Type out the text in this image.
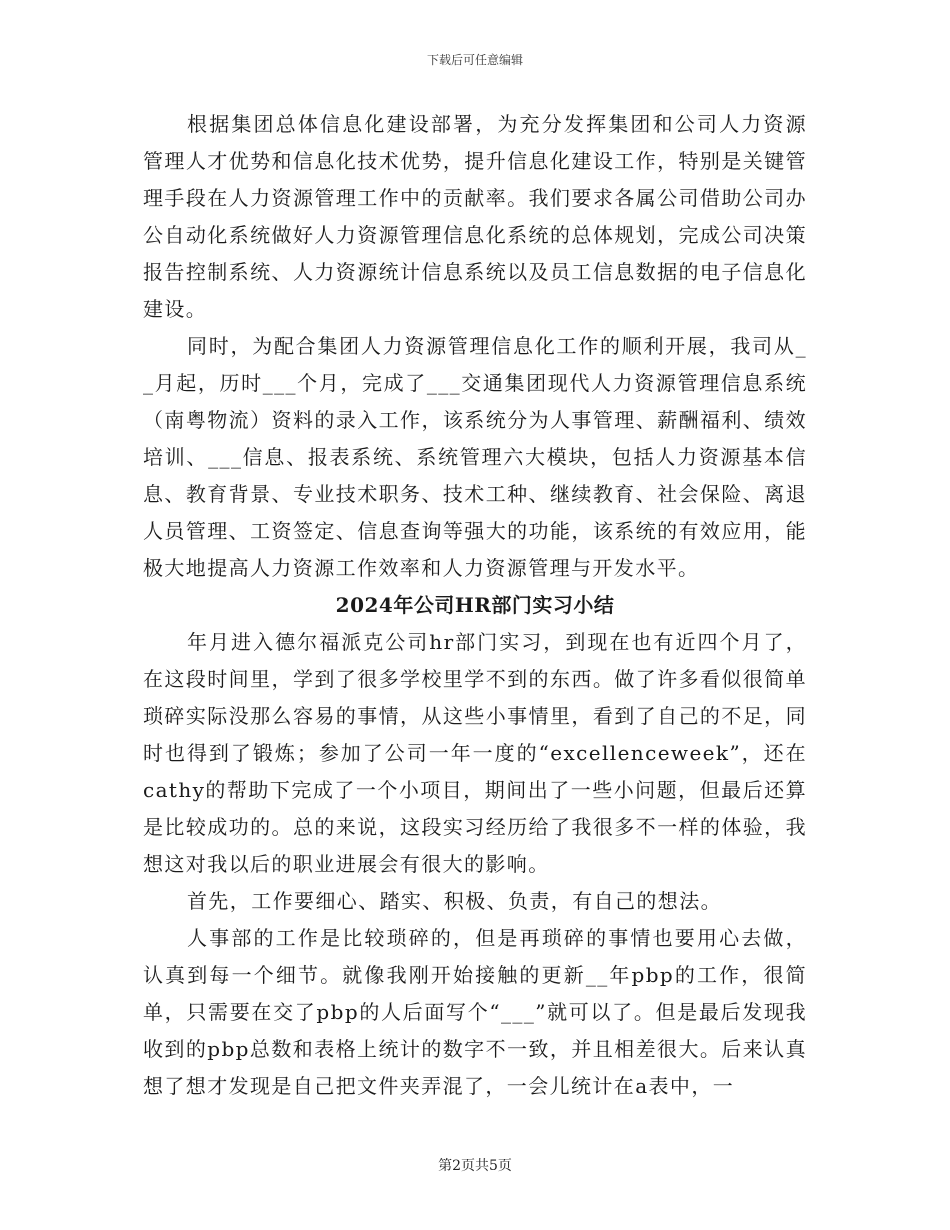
下载后可任意编辑

根据集团总体信息化建设部署，为充分发挥集团和公司人力资源管理人才优势和信息化技术优势，提升信息化建设工作，特别是关键管理手段在人力资源管理工作中的贡献率。我们要求各属公司借助公司办公自动化系统做好人力资源管理信息化系统的总体规划，完成公司决策报告控制系统、人力资源统计信息系统以及员工信息数据的电子信息化建设。

同时，为配合集团人力资源管理信息化工作的顺利开展，我司从__月起，历时___个月，完成了___交通集团现代人力资源管理信息系统（南粤物流）资料的录入工作，该系统分为人事管理、薪酬福利、绩效培训、___信息、报表系统、系统管理六大模块，包括人力资源基本信息、教育背景、专业技术职务、技术工种、继续教育、社会保险、离退人员管理、工资签定、信息查询等强大的功能，该系统的有效应用，能极大地提高人力资源工作效率和人力资源管理与开发水平。

2024年公司HR部门实习小结

年月进入德尔福派克公司hr部门实习，到现在也有近四个月了，在这段时间里，学到了很多学校里学不到的东西。做了许多看似很简单琐碎实际没那么容易的事情，从这些小事情里，看到了自己的不足，同时也得到了锻炼；参加了公司一年一度的“excellenceweek”，还在cathy的帮助下完成了一个小项目，期间出了一些小问题，但最后还算是比较成功的。总的来说，这段实习经历给了我很多不一样的体验，我想这对我以后的职业进展会有很大的影响。

首先，工作要细心、踏实、积极、负责，有自己的想法。

人事部的工作是比较琐碎的，但是再琐碎的事情也要用心去做，认真到每一个细节。就像我刚开始接触的更新__年pbp的工作，很简单，只需要在交了pbp的人后面写个“___”就可以了。但是最后发现我收到的pbp总数和表格上统计的数字不一致，并且相差很大。后来认真想了想才发现是自己把文件夹弄混了，一会儿统计在a表中，一

第2页共5页
